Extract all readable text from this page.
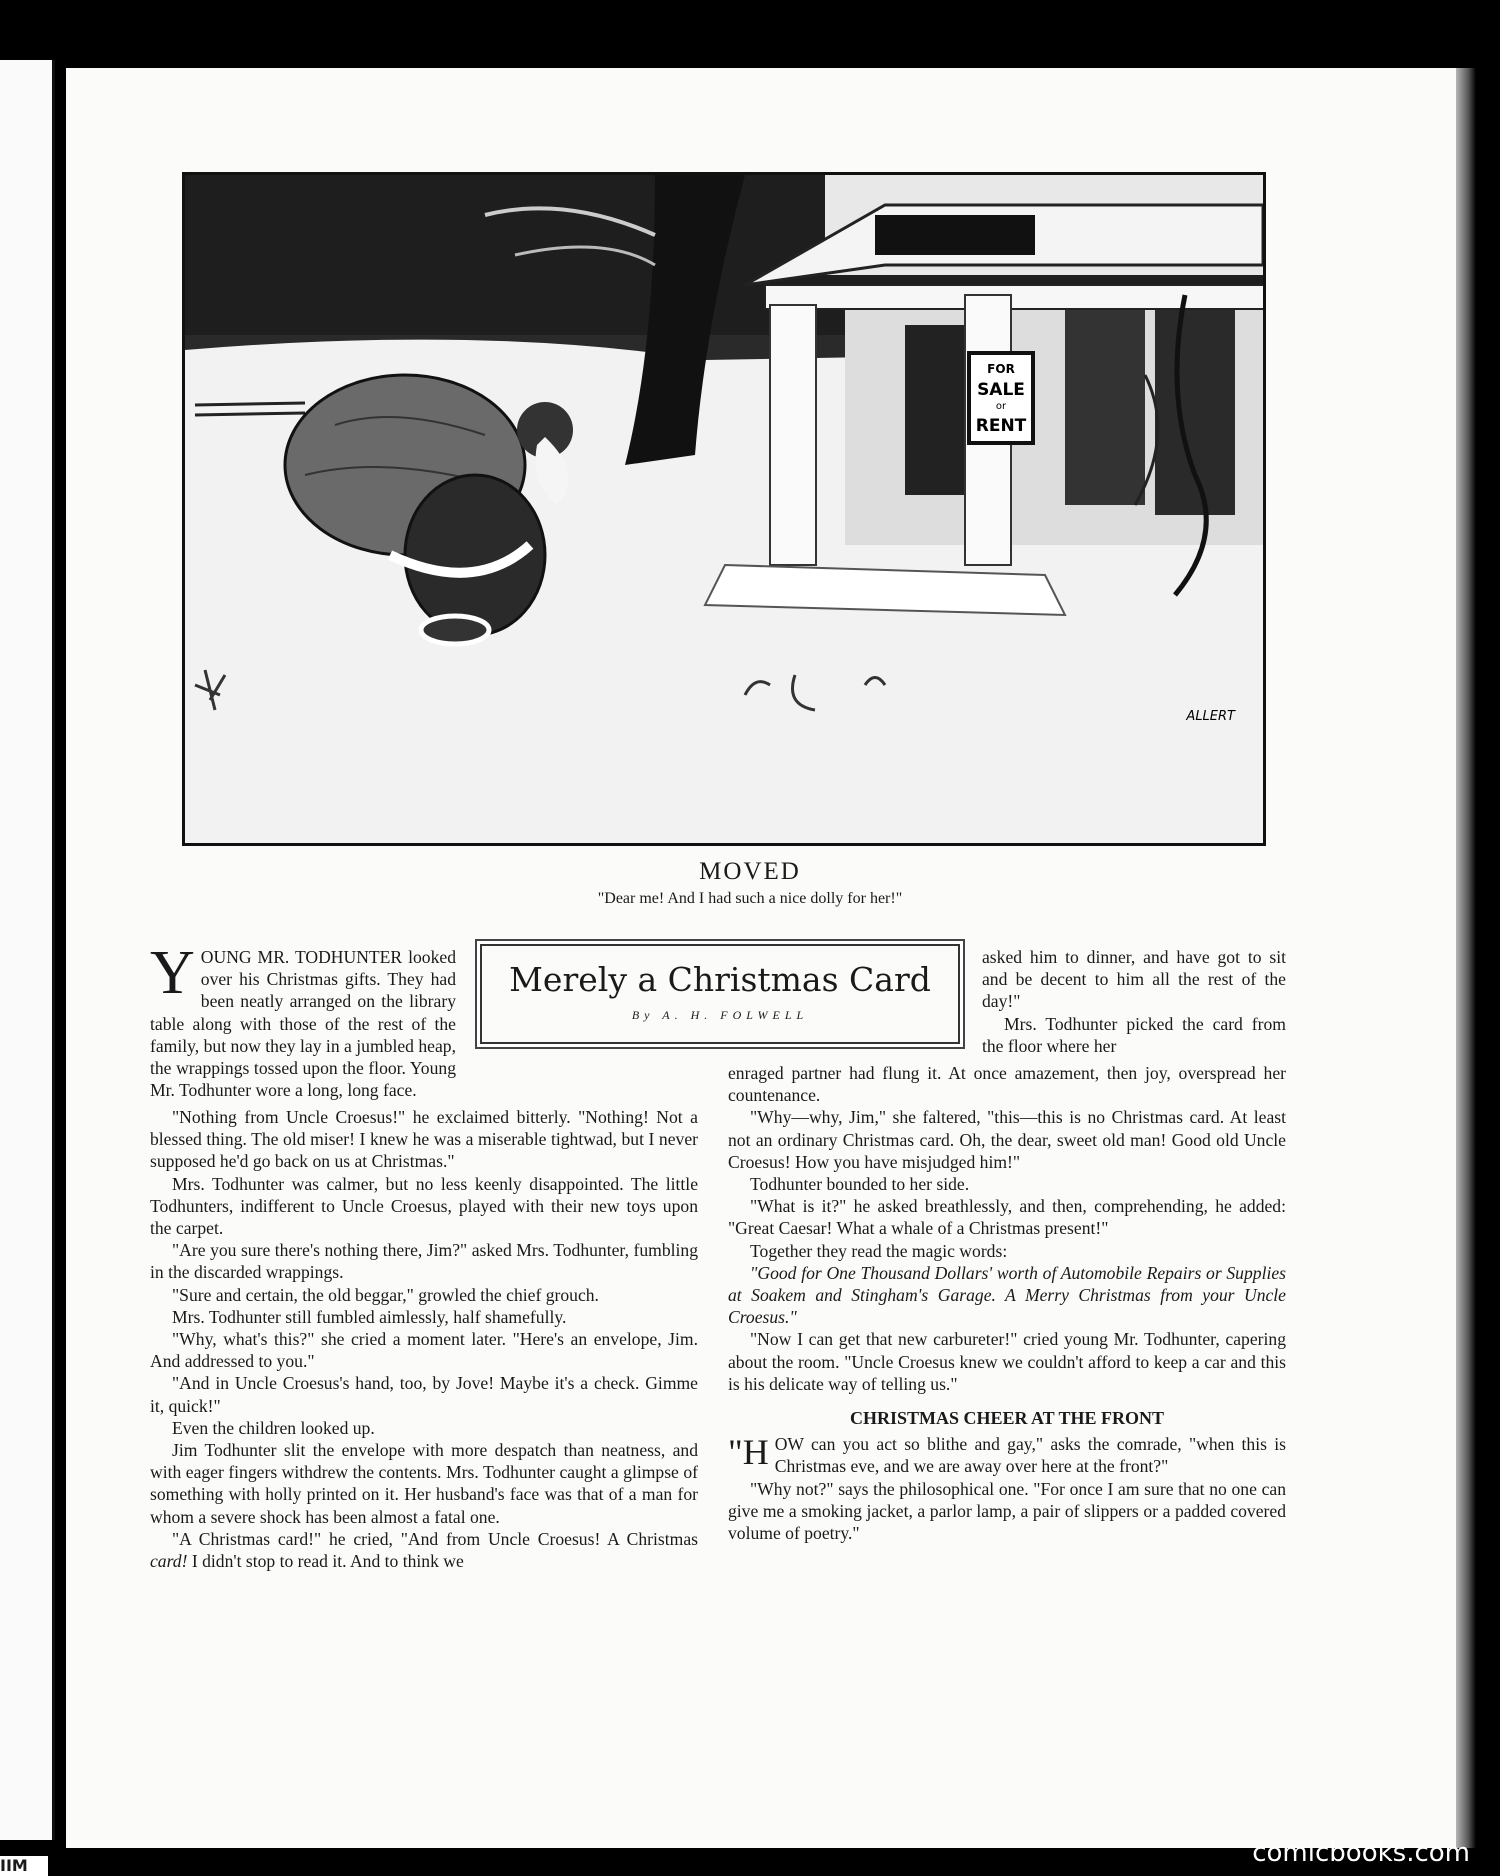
FOR
SALE
or
RENT
ALLERT
MOVED
"Dear me! And I had such a nice dolly for her!"

YOUNG MR. TODHUNTER looked over his Christmas gifts. They had been neatly arranged on the library table along with those of the rest of the family, but now they lay in a jumbled heap, the wrappings tossed upon the floor. Young Mr. Todhunter wore a long, long face.

Merely a Christmas Card
By A. H. FOLWELL

"Nothing from Uncle Croesus!" he exclaimed bitterly. "Nothing! Not a blessed thing. The old miser! I knew he was a miserable tightwad, but I never supposed he'd go back on us at Christmas."

Mrs. Todhunter was calmer, but no less keenly disappointed. The little Todhunters, indifferent to Uncle Croesus, played with their new toys upon the carpet.

"Are you sure there's nothing there, Jim?" asked Mrs. Todhunter, fumbling in the discarded wrappings.

"Sure and certain, the old beggar," growled the chief grouch.

Mrs. Todhunter still fumbled aimlessly, half shamefully.

"Why, what's this?" she cried a moment later. "Here's an envelope, Jim. And addressed to you."

"And in Uncle Croesus's hand, too, by Jove! Maybe it's a check. Gimme it, quick!"

Even the children looked up.

Jim Todhunter slit the envelope with more despatch than neatness, and with eager fingers withdrew the contents. Mrs. Todhunter caught a glimpse of something with holly printed on it. Her husband's face was that of a man for whom a severe shock has been almost a fatal one.

"A Christmas card!" he cried, "And from Uncle Croesus! A Christmas card! I didn't stop to read it. And to think we

asked him to dinner, and have got to sit and be decent to him all the rest of the day!"

Mrs. Todhunter picked the card from the floor where her

enraged partner had flung it. At once amazement, then joy, overspread her countenance.

"Why—why, Jim," she faltered, "this—this is no Christmas card. At least not an ordinary Christmas card. Oh, the dear, sweet old man! Good old Uncle Croesus! How you have misjudged him!"

Todhunter bounded to her side.

"What is it?" he asked breathlessly, and then, comprehending, he added: "Great Caesar! What a whale of a Christmas present!"

Together they read the magic words:

"Good for One Thousand Dollars' worth of Automobile Repairs or Supplies at Soakem and Stingham's Garage. A Merry Christmas from your Uncle Croesus."

"Now I can get that new carbureter!" cried young Mr. Todhunter, capering about the room. "Uncle Croesus knew we couldn't afford to keep a car and this is his delicate way of telling us."

CHRISTMAS CHEER AT THE FRONT

"HOW can you act so blithe and gay," asks the comrade, "when this is Christmas eve, and we are away over here at the front?"

"Why not?" says the philosophical one. "For once I am sure that no one can give me a smoking jacket, a parlor lamp, a pair of slippers or a padded covered volume of poetry."

comicbooks.com
IIM
